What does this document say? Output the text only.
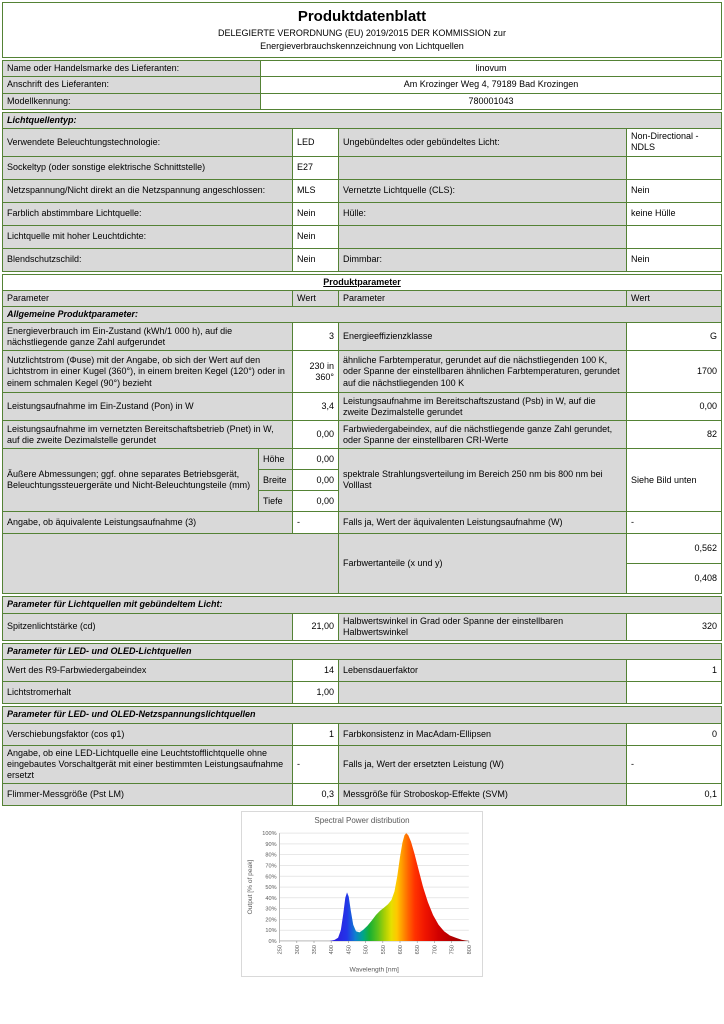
Produktdatenblatt
DELEGIERTE VERORDNUNG (EU) 2019/2015 DER KOMMISSION zur
Energieverbrauchskennzeichnung von Lichtquellen
Name oder Handelsmarke des Lieferanten:	linovum
Anschrift des Lieferanten:	Am Krozinger Weg 4, 79189 Bad Krozingen
Modellkennung:	780001043
Lichtquellentyp:			
Verwendete Beleuchtungstechnologie:	LED	Ungebündeltes oder gebündeltes Licht:	Non-Directional - NDLS
Sockeltyp (oder sonstige elektrische Schnittstelle)	E27		
Netzspannung/Nicht direkt an die Netzspannung angeschlossen:	MLS	Vernetzte Lichtquelle (CLS):	Nein
Farblich abstimmbare Lichtquelle:	Nein	Hülle:	keine Hülle
Lichtquelle mit hoher Leuchtdichte:	Nein		
Blendschutzschild:	Nein	Dimmbar:	Nein
Produktparameter				
Parameter		Wert	Parameter	Wert
Allgemeine Produktparameter:				
Energieverbrauch im Ein-Zustand (kWh/1 000 h), auf die nächstliegende ganze Zahl aufgerundet		3	Energieeffizienzklasse	G
Nutzlichtstrom (Φuse) mit der Angabe, ob sich der Wert auf den Lichtstrom in einer Kugel (360°), in einem breiten Kegel (120°) oder in einem schmalen Kegel (90°) bezieht		230 in 360°	ähnliche Farbtemperatur, gerundet auf die nächstliegenden 100 K, oder Spanne der einstellbaren ähnlichen Farbtemperaturen, gerundet auf die nächstliegenden 100 K	1700
Leistungsaufnahme im Ein-Zustand (Pon) in W		3,4	Leistungsaufnahme im Bereitschaftszustand (Psb) in W, auf die zweite Dezimalstelle gerundet	0,00
Leistungsaufnahme im vernetzten Bereitschaftsbetrieb (Pnet) in W, auf die zweite Dezimalstelle gerundet		0,00	Farbwiedergabeindex, auf die nächstliegende ganze Zahl gerundet, oder Spanne der einstellbaren CRI-Werte	82
Äußere Abmessungen; ggf. ohne separates Betriebsgerät, Beleuchtungssteuergeräte und Nicht-Beleuchtungsteile (mm)	Höhe	0,00	spektrale Strahlungsverteilung im Bereich 250 nm bis 800 nm bei Volllast	Siehe Bild unten
	Breite	0,00		
	Tiefe	0,00		
Angabe, ob äquivalente Leistungsaufnahme (3)		-	Falls ja, Wert der äquivalenten Leistungsaufnahme (W)	-
			Farbwertanteile (x und y)	0,562
				0,408
Parameter für Lichtquellen mit gebündeltem Licht:
Spitzenlichtstärke (cd)	21,00	Halbwertswinkel in Grad oder Spanne der einstellbaren Halbwertswinkel	320
Parameter für LED- und OLED-Lichtquellen			
Wert des R9-Farbwiedergabeindex	14	Lebensdauerfaktor	1
Lichtstromerhalt	1,00		
Parameter für LED- und OLED-Netzspannungslichtquellen			
Verschiebungsfaktor (cos φ1)	1	Farbkonsistenz in MacAdam-Ellipsen	0
Angabe, ob eine LED-Lichtquelle eine Leuchtstofflichtquelle ohne eingebautes Vorschaltgerät mit einer bestimmten Leistungsaufnahme ersetzt	-	Falls ja, Wert der ersetzten Leistung (W)	-
Flimmer-Messgröße (Pst LM)	0,3	Messgröße für Stroboskop-Effekte (SVM)	0,1
Spectral Power distribution
0%
10%
20%
30%
40%
50%
60%
70%
80%
90%
100%
250 300 350 400 450 500 550 600 650 700 750 800
Output [% of peak]
Wavelength [nm]
